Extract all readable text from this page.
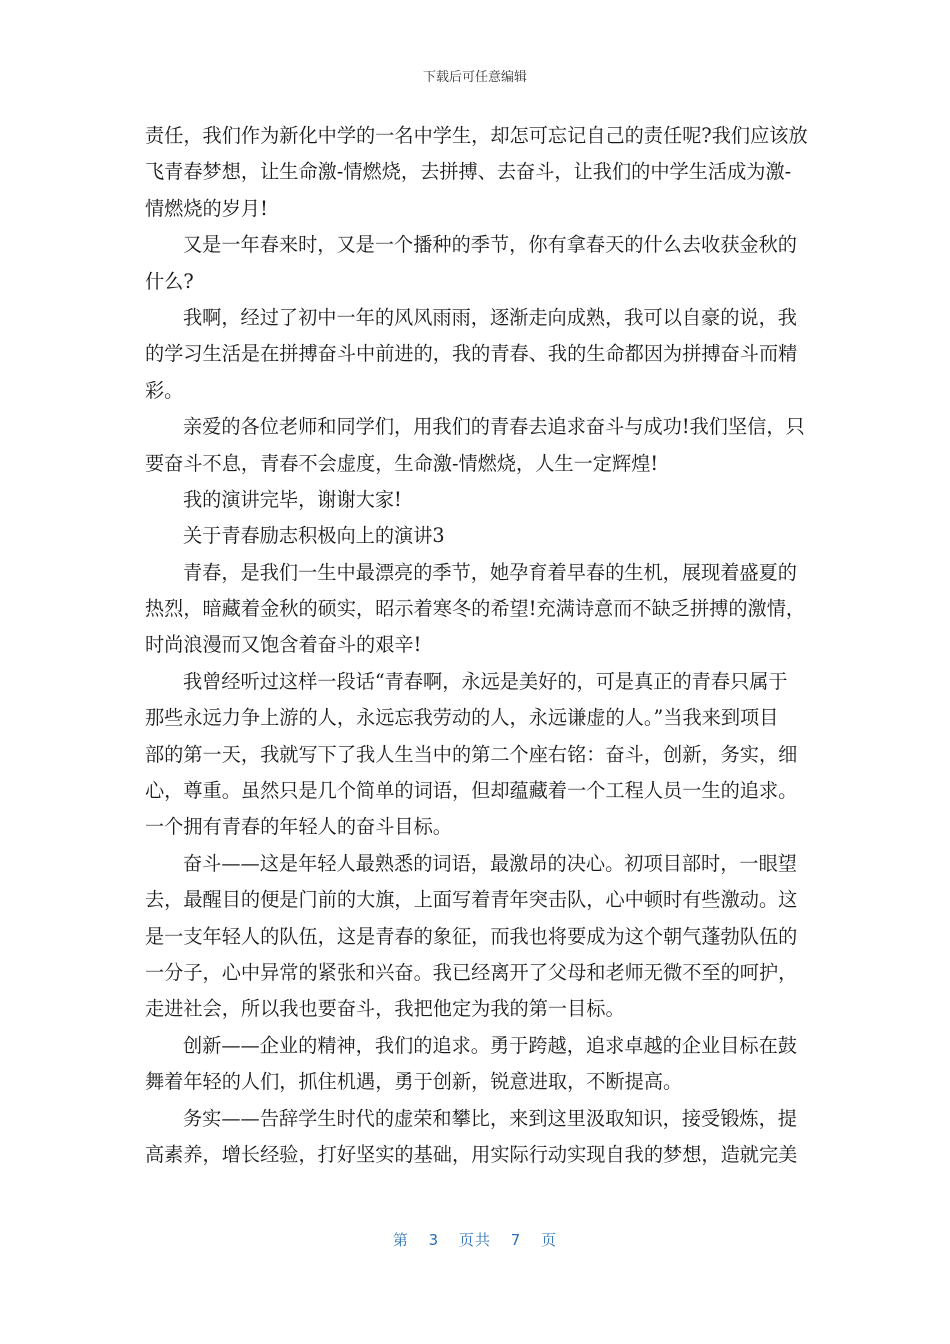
下载后可任意编辑
责任，我们作为新化中学的一名中学生，却怎可忘记自己的责任呢?我们应该放
飞青春梦想，让生命激-情燃烧，去拼搏、去奋斗，让我们的中学生活成为激-
情燃烧的岁月!
又是一年春来时，又是一个播种的季节，你有拿春天的什么去收获金秋的
什么?
我啊，经过了初中一年的风风雨雨，逐渐走向成熟，我可以自豪的说，我
的学习生活是在拼搏奋斗中前进的，我的青春、我的生命都因为拼搏奋斗而精
彩。
亲爱的各位老师和同学们，用我们的青春去追求奋斗与成功!我们坚信，只
要奋斗不息，青春不会虚度，生命激-情燃烧，人生一定辉煌!
我的演讲完毕，谢谢大家!
关于青春励志积极向上的演讲3
青春，是我们一生中最漂亮的季节，她孕育着早春的生机，展现着盛夏的
热烈，暗藏着金秋的硕实，昭示着寒冬的希望!充满诗意而不缺乏拼搏的激情，
时尚浪漫而又饱含着奋斗的艰辛!
我曾经听过这样一段话“青春啊，永远是美好的，可是真正的青春只属于
那些永远力争上游的人，永远忘我劳动的人，永远谦虚的人。”当我来到项目
部的第一天，我就写下了我人生当中的第二个座右铭：奋斗，创新，务实，细
心，尊重。虽然只是几个简单的词语，但却蕴藏着一个工程人员一生的追求。
一个拥有青春的年轻人的奋斗目标。
奋斗——这是年轻人最熟悉的词语，最激昂的决心。初项目部时，一眼望
去，最醒目的便是门前的大旗，上面写着青年突击队，心中顿时有些激动。这
是一支年轻人的队伍，这是青春的象征，而我也将要成为这个朝气蓬勃队伍的
一分子，心中异常的紧张和兴奋。我已经离开了父母和老师无微不至的呵护，
走进社会，所以我也要奋斗，我把他定为我的第一目标。
创新——企业的精神，我们的追求。勇于跨越，追求卓越的企业目标在鼓
舞着年轻的人们，抓住机遇，勇于创新，锐意进取，不断提高。
务实——告辞学生时代的虚荣和攀比，来到这里汲取知识，接受锻炼，提
高素养，增长经验，打好坚实的基础，用实际行动实现自我的梦想，造就完美
第 3 页共 7 页
